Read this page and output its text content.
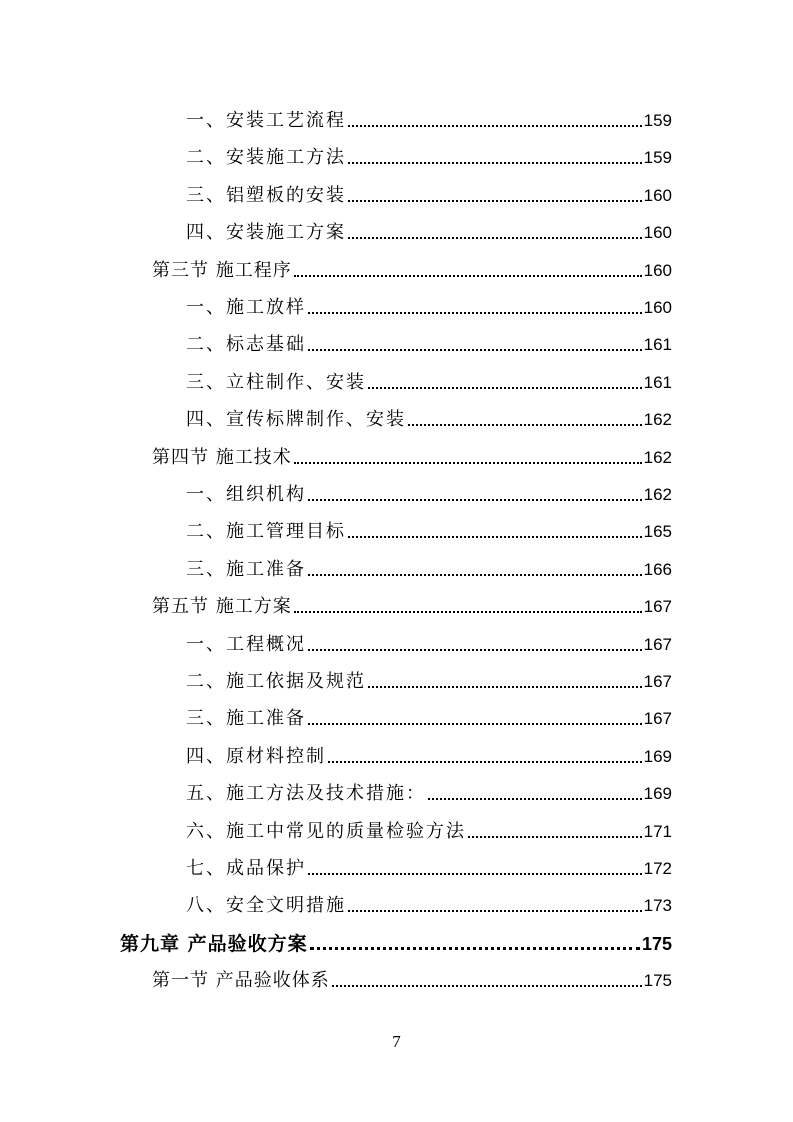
一、安装工艺流程	159
二、安装施工方法	159
三、铝塑板的安装	160
四、安装施工方案	160
第三节 施工程序	160
一、施工放样	160
二、标志基础	161
三、立柱制作、安装	161
四、宣传标牌制作、安装	162
第四节 施工技术	162
一、组织机构	162
二、施工管理目标	165
三、施工准备	166
第五节 施工方案	167
一、工程概况	167
二、施工依据及规范	167
三、施工准备	167
四、原材料控制	169
五、施工方法及技术措施：	169
六、施工中常见的质量检验方法	171
七、成品保护	172
八、安全文明措施	173
第九章 产品验收方案	175
第一节 产品验收体系	175
7
